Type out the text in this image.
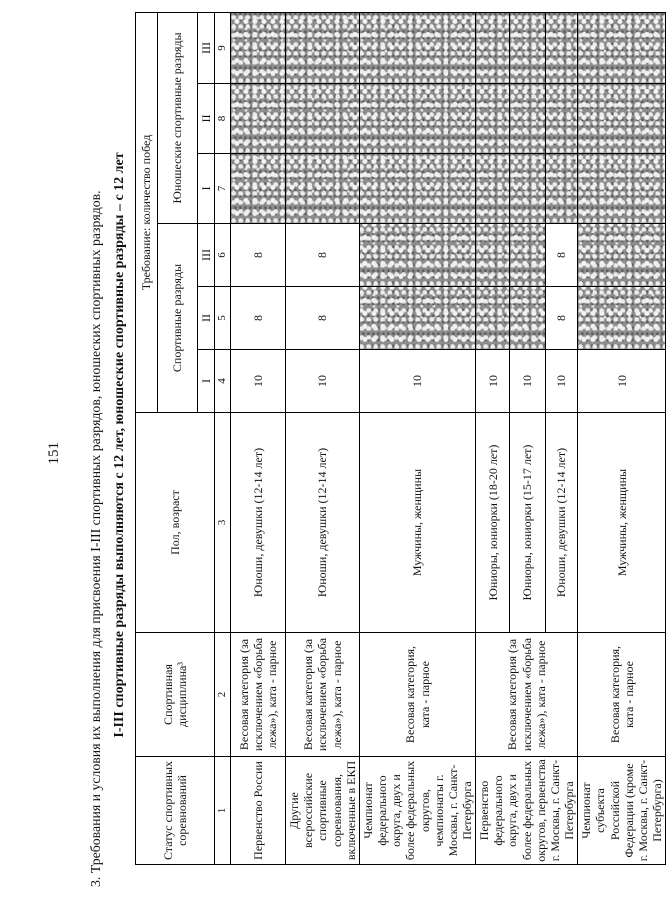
151	3. Требования и условия их выполнения для присвоения I-III спортивных разрядов, юношеских спортивных разрядов. I-III спортивные разряды выполняются с 12 лет, юношеские спортивные разряды – с 12 лет
Статус спортивных соревнований	Спортивная дисциплина³	Пол, возраст	Требование: количество побед					
			Спортивные разряды			Юношеские спортивные разряды		
			I	II	III	I	II	III
1	2	3	4	5	6	7	8	9
Первенство России	Весовая категория (за исключением «борьба лежа»), ката - парное	Юноши, девушки (12-14 лет)	10	8	8			
Другие всероссийские спортивные соревнования, включенные в ЕКП	Весовая категория (за исключением «борьба лежа»), ката - парное	Юноши, девушки (12-14 лет)	10	8	8			
Чемпионат федерального округа, двух и более федеральных округов, чемпионаты г. Москвы, г. Санкт-Петербурга	Весовая категория, ката - парное	Мужчины, женщины	10					
Первенство федерального округа, двух и более федеральных округов, первенства г. Москвы, г. Санкт-Петербурга	Весовая категория (за исключением «борьба лежа»), ката - парное	Юниоры, юниорки (18-20 лет)	10					
		Юниоры, юниорки (15-17 лет)	10					
		Юноши, девушки (12-14 лет)	10	8	8			
Чемпионат субъекта Российской Федерации (кроме г. Москвы, г. Санкт-Петербурга)	Весовая категория, ката - парное	Мужчины, женщины	10					
